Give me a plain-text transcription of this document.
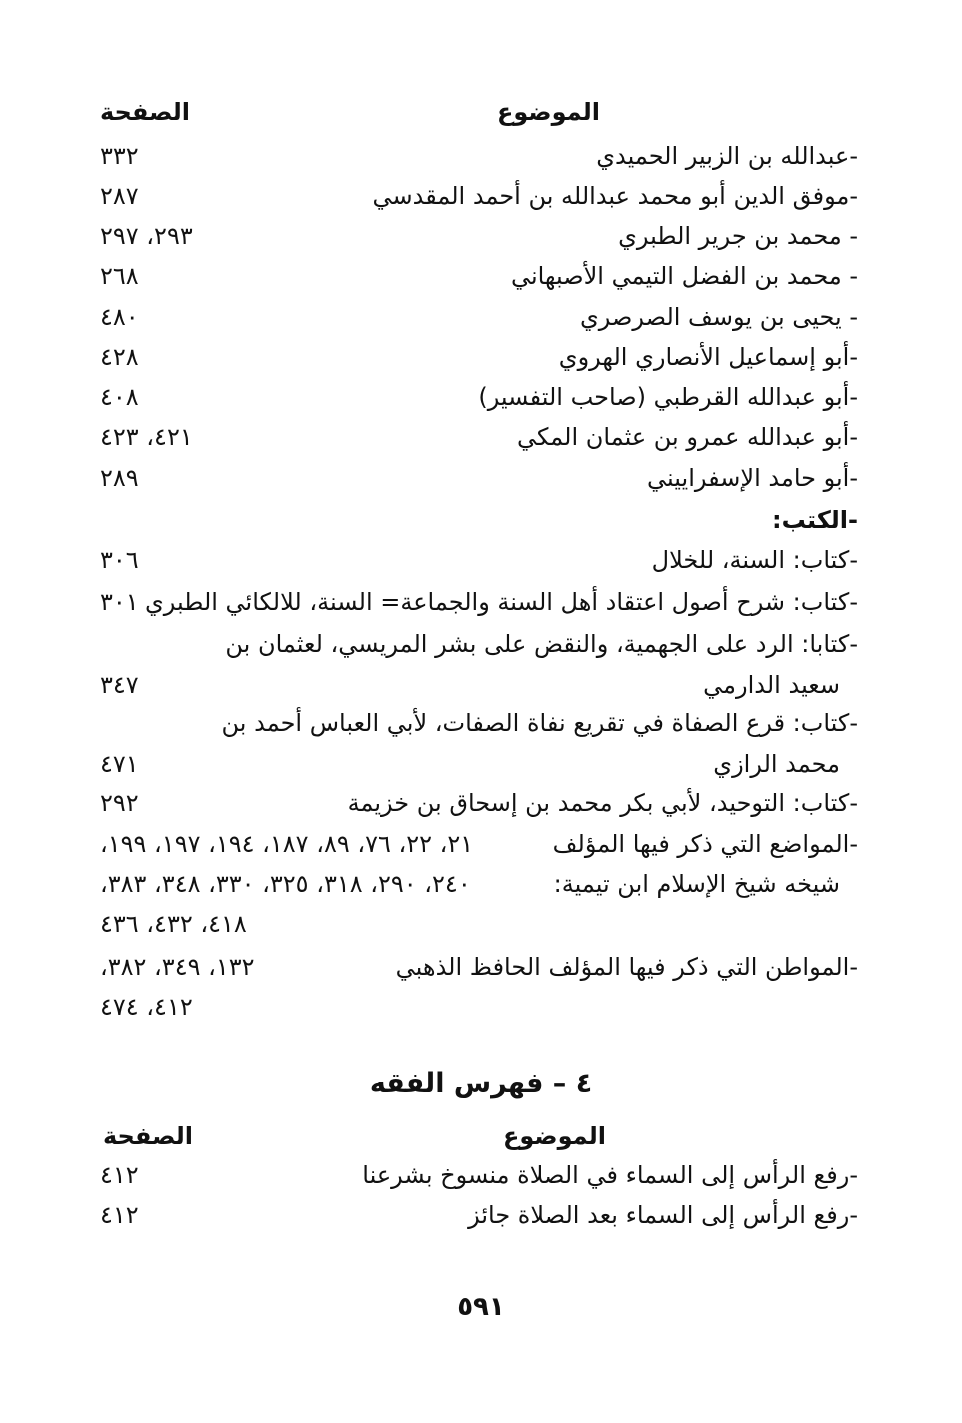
الموضوع
الصفحة
-عبدالله بن الزبير الحميدي
٣٣٢
-موفق الدين أبو محمد عبدالله بن أحمد المقدسي
٢٨٧
- محمد بن جرير الطبري
٢٩٣، ٢٩٧
- محمد بن الفضل التيمي الأصبهاني
٢٦٨
- يحيى بن يوسف الصرصري
٤٨٠
-أبو إسماعيل الأنصاري الهروي
٤٢٨
-أبو عبدالله القرطبي (صاحب التفسير)
٤٠٨
-أبو عبدالله عمرو بن عثمان المكي
٤٢١، ٤٢٣
-أبو حامد الإسفراييني
٢٨٩
-الكتب:
-كتاب: السنة، للخلال
٣٠٦
-كتاب: شرح أصول اعتقاد أهل السنة والجماعة= السنة، للالكائي الطبري
٣٠١
-كتابا: الرد على الجهمية، والنقض على بشر المريسي، لعثمان بن
سعيد الدارمي
٣٤٧
-كتاب: قرع الصفاة في تقريع نفاة الصفات، لأبي العباس أحمد بن
محمد الرازي
٤٧١
-كتاب: التوحيد، لأبي بكر محمد بن إسحاق بن خزيمة
٢٩٢
-المواضع التي ذكر فيها المؤلف
٢١، ٢٢، ٧٦، ٨٩، ١٨٧، ١٩٤، ١٩٧، ١٩٩،
شيخه شيخ الإسلام ابن تيمية:
٢٤٠، ٢٩٠، ٣١٨، ٣٢٥، ٣٣٠، ٣٤٨، ٣٨٣،
٤١٨، ٤٣٢، ٤٣٦
-المواطن التي ذكر فيها المؤلف الحافظ الذهبي
١٣٢، ٣٤٩، ٣٨٢،
٤١٢، ٤٧٤
٤ – فهرس الفقه
الموضوع
الصفحة
-رفع الرأس إلى السماء في الصلاة منسوخ بشرعنا
٤١٢
-رفع الرأس إلى السماء بعد الصلاة جائز
٤١٢
٥٩١
